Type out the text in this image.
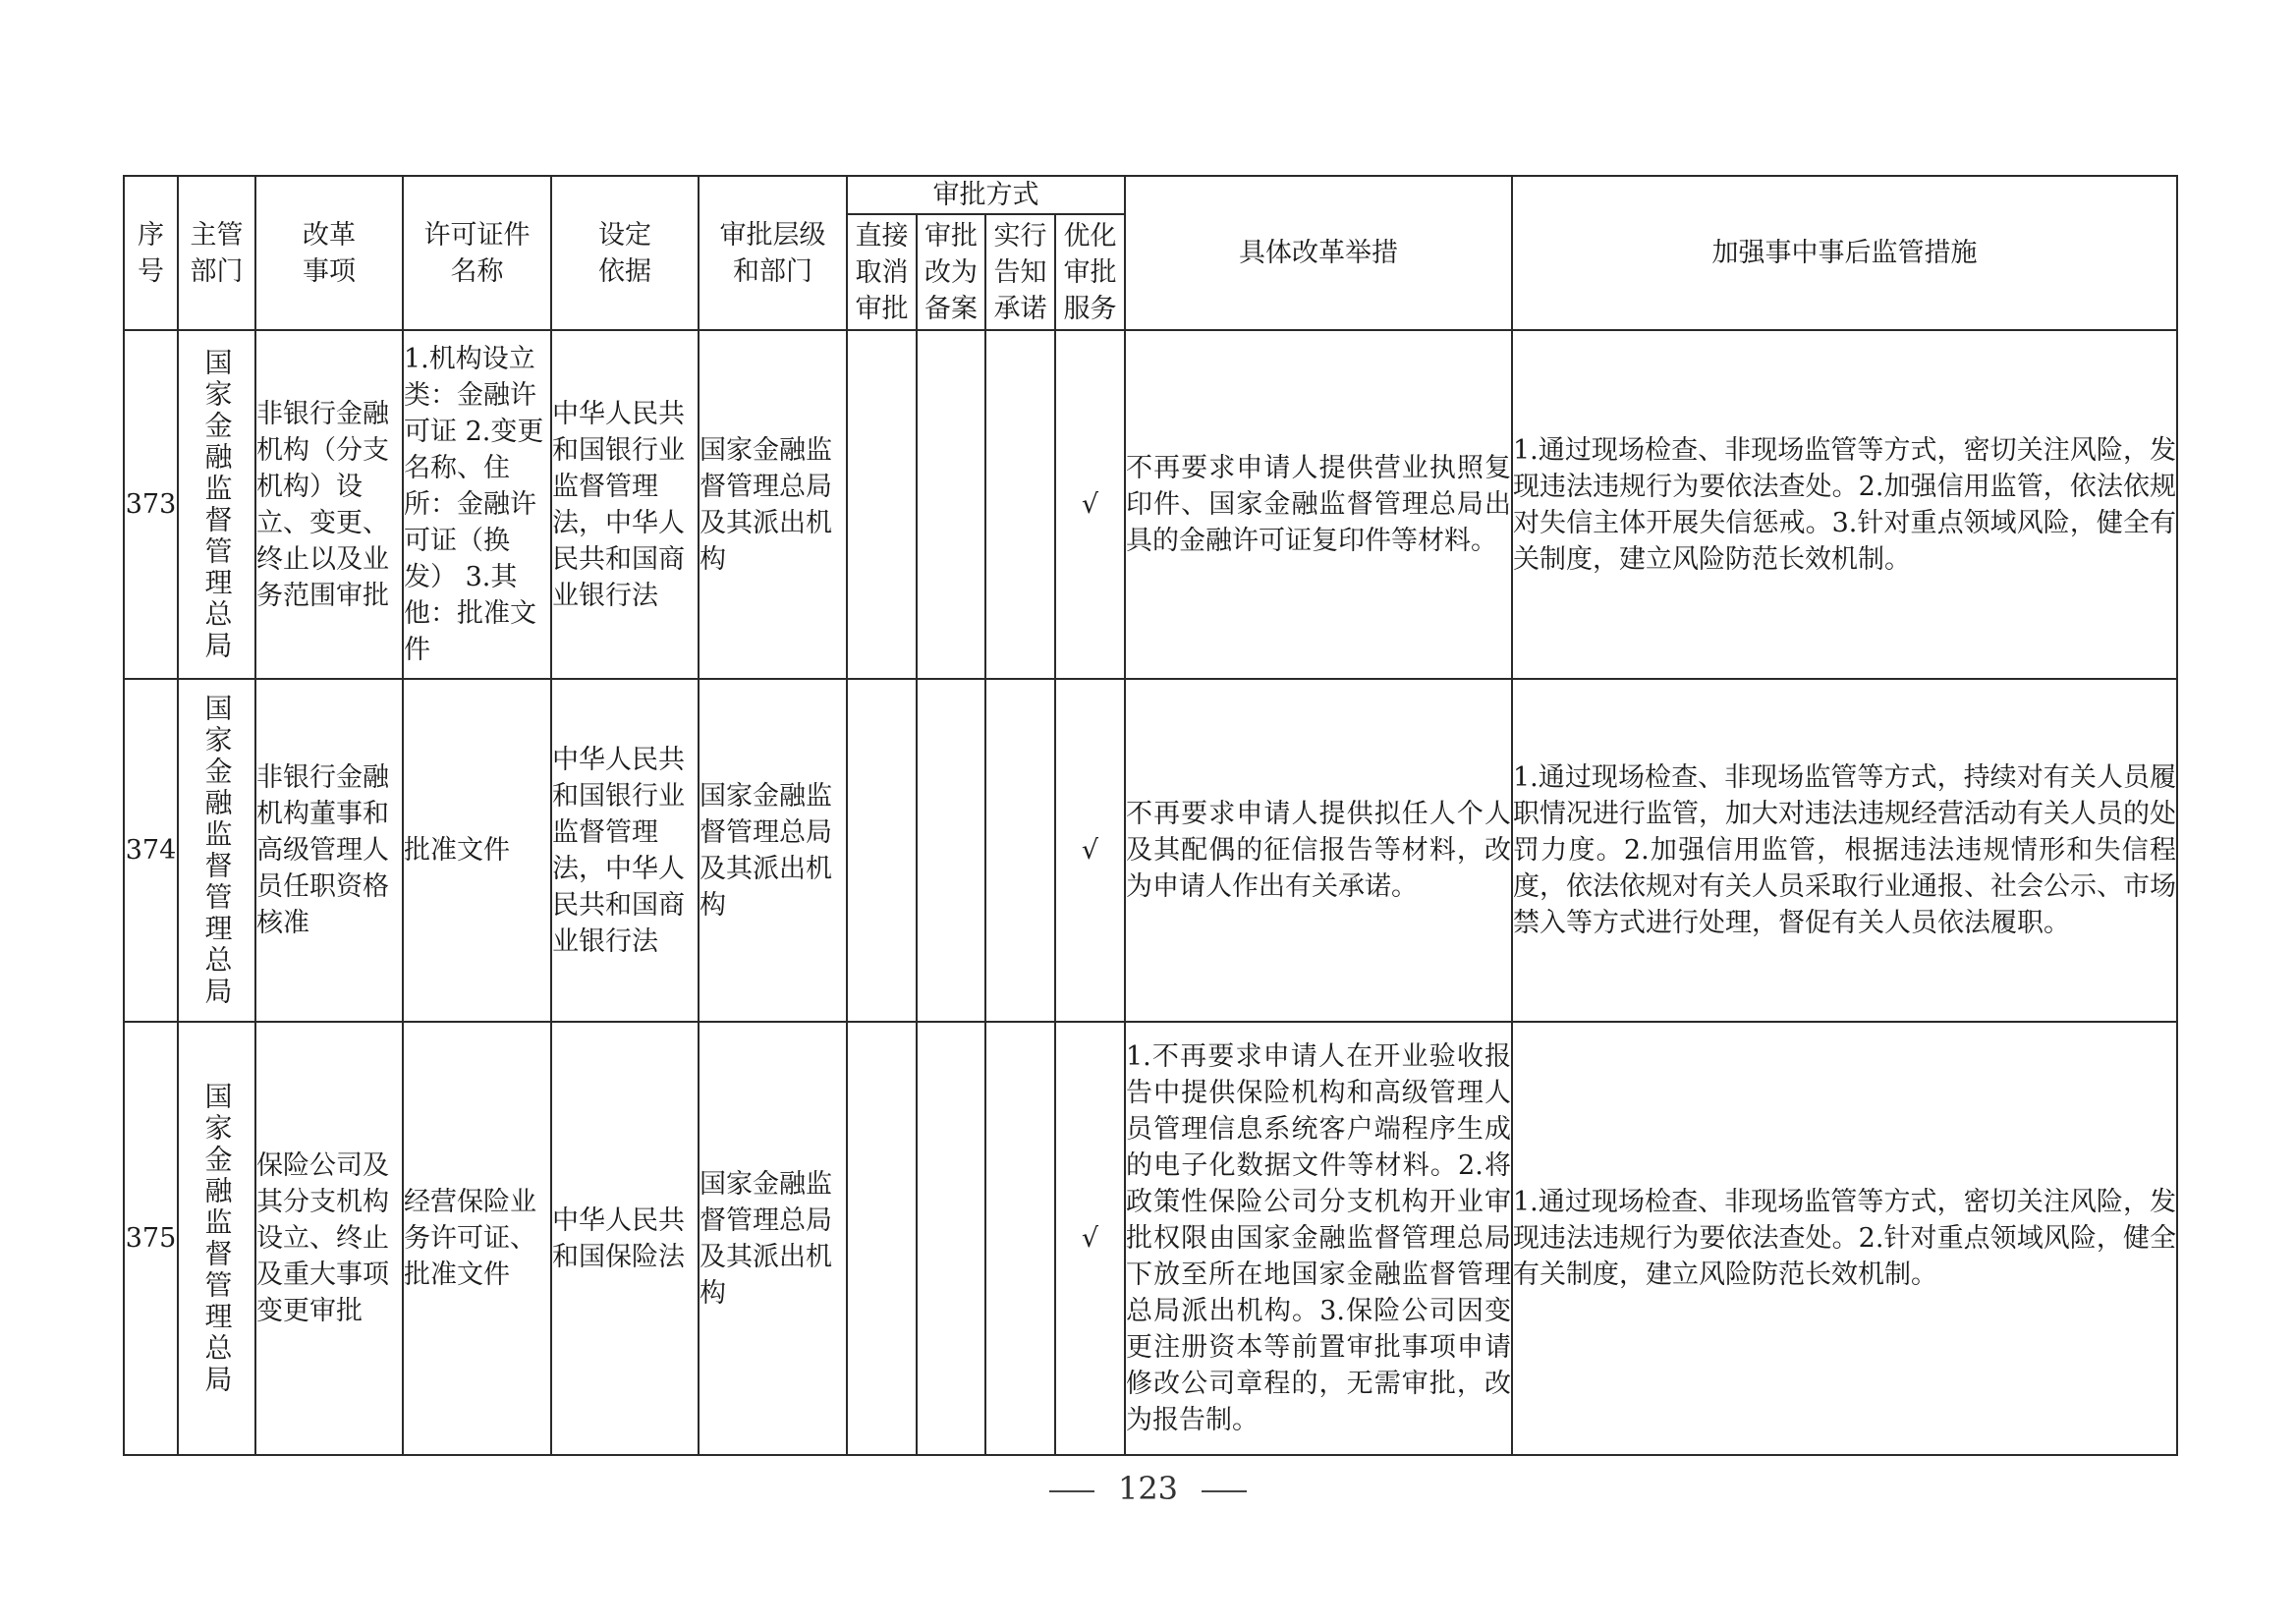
序号	主管部门	改革事项	许可证件名称	设定依据	审批层级和部门	审批方式				具体改革举措	加强事中事后监管措施

						直接取消审批	审批改为备案	实行告知承诺	优化审批服务		

373	国家金融监督管理总局	非银行金融机构（分支机构）设立、变更、终止以及业务范围审批	1.机构设立类：金融许可证 2.变更名称、住所：金融许可证（换发） 3.其他：批准文件	中华人民共和国银行业监督管理法，中华人民共和国商业银行法	国家金融监督管理总局及其派出机构				√	不再要求申请人提供营业执照复印件、国家金融监督管理总局出具的金融许可证复印件等材料。	1.通过现场检查、非现场监管等方式，密切关注风险，发现违法违规行为要依法查处。2.加强信用监管，依法依规对失信主体开展失信惩戒。3.针对重点领域风险，健全有关制度，建立风险防范长效机制。
374	国家金融监督管理总局	非银行金融机构董事和高级管理人员任职资格核准	批准文件	中华人民共和国银行业监督管理法，中华人民共和国商业银行法	国家金融监督管理总局及其派出机构				√	不再要求申请人提供拟任人个人及其配偶的征信报告等材料，改为申请人作出有关承诺。	1.通过现场检查、非现场监管等方式，持续对有关人员履职情况进行监管，加大对违法违规经营活动有关人员的处罚力度。2.加强信用监管，根据违法违规情形和失信程度，依法依规对有关人员采取行业通报、社会公示、市场禁入等方式进行处理，督促有关人员依法履职。
375	国家金融监督管理总局	保险公司及其分支机构设立、终止及重大事项变更审批	经营保险业务许可证、批准文件	中华人民共和国保险法	国家金融监督管理总局及其派出机构				√	1.不再要求申请人在开业验收报告中提供保险机构和高级管理人员管理信息系统客户端程序生成的电子化数据文件等材料。2.将政策性保险公司分支机构开业审批权限由国家金融监督管理总局下放至所在地国家金融监督管理总局派出机构。3.保险公司因变更注册资本等前置审批事项申请修改公司章程的，无需审批，改为报告制。	1.通过现场检查、非现场监管等方式，密切关注风险，发现违法违规行为要依法查处。2.针对重点领域风险，健全有关制度，建立风险防范长效机制。
123
